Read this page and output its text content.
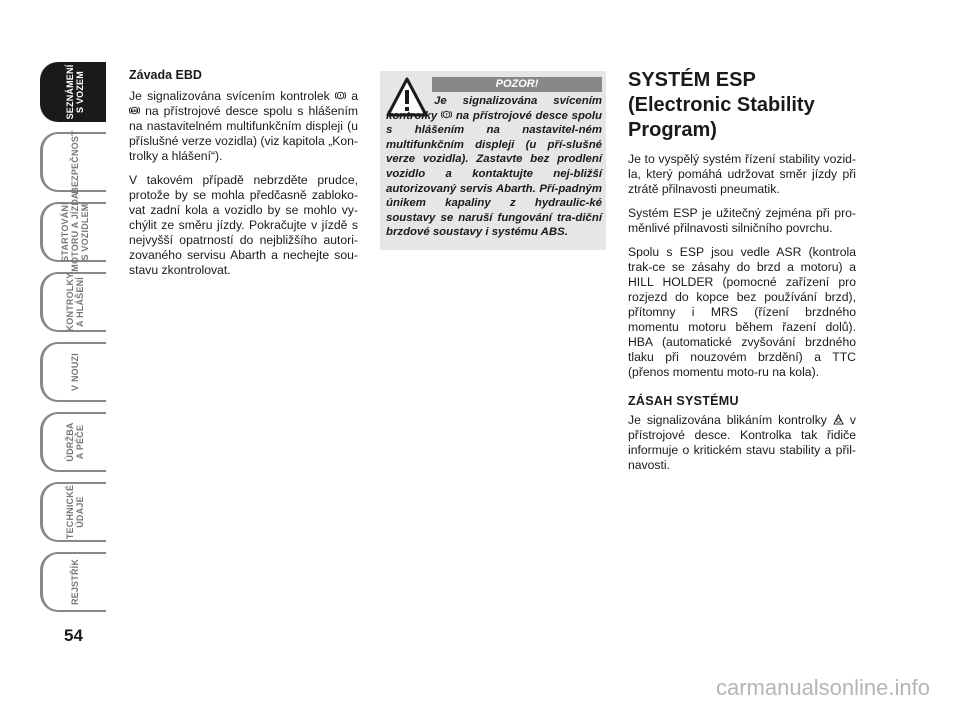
SEZNÁMENÍ
S VOZEM
BEZPEČNOST
STARTOVÁNÍ
MOTORU A JÍZDA
S VOZIDLEM
KONTROLKY
A HLÁŠENÍ
V NOUZI
ÚDRŽBA
A PÉČE
TECHNICKÉ
ÚDAJE
REJSTŘÍK
54
Závada EBD

Je signalizována svícením kontrolek ! a
ABS na přístrojové desce spolu s hlášením na nastavitelném multifunkčním displeji (u příslušné verze vozidla) (viz kapitola „Kon-trolky a hlášení“).

V takovém případě nebrzděte prudce, protože by se mohla předčasně zabloko-vat zadní kola a vozidlo by se mohlo vy-chýlit ze směru jízdy. Pokračujte v jízdě s nejvyšší opatrností do nejbližšího autori-zovaného servisu Abarth a nechejte sou-stavu zkontrolovat.

POZOR!
Je signalizována svícením kontrolky ! na přístrojové desce spolu s hlášením na nastavitel-ném multifunkčním displeji (u pří-slušné verze vozidla). Zastavte bez prodlení vozidlo a kontaktujte nej-bližší autorizovaný servis Abarth. Pří-padným únikem kapaliny z hydraulic-ké soustavy se naruší fungování tra-diční brzdové soustavy i systému ABS.

SYSTÉM ESP (Electronic Stability Program)

Je to vyspělý systém řízení stability vozid-la, který pomáhá udržovat směr jízdy při ztrátě přilnavosti pneumatik.

Systém ESP je užitečný zejména při pro-měnlivé přilnavosti silničního povrchu.

Spolu s ESP jsou vedle ASR (kontrola trak-ce se zásahy do brzd a motoru) a HILL HOLDER (pomocné zařízení pro rozjezd do kopce bez používání brzd), přítomny i MRS (řízení brzdného momentu motoru během řazení dolů). HBA (automatické zvyšování brzdného tlaku při nouzovém brzdění) a TTC (přenos momentu moto-ru na kola).

ZÁSAH SYSTÉMU

Je signalizována blikáním kontrolky v přístrojové desce. Kontrolka tak řidiče informuje o kritickém stavu stability a přil-navosti.

carmanualsonline.info
